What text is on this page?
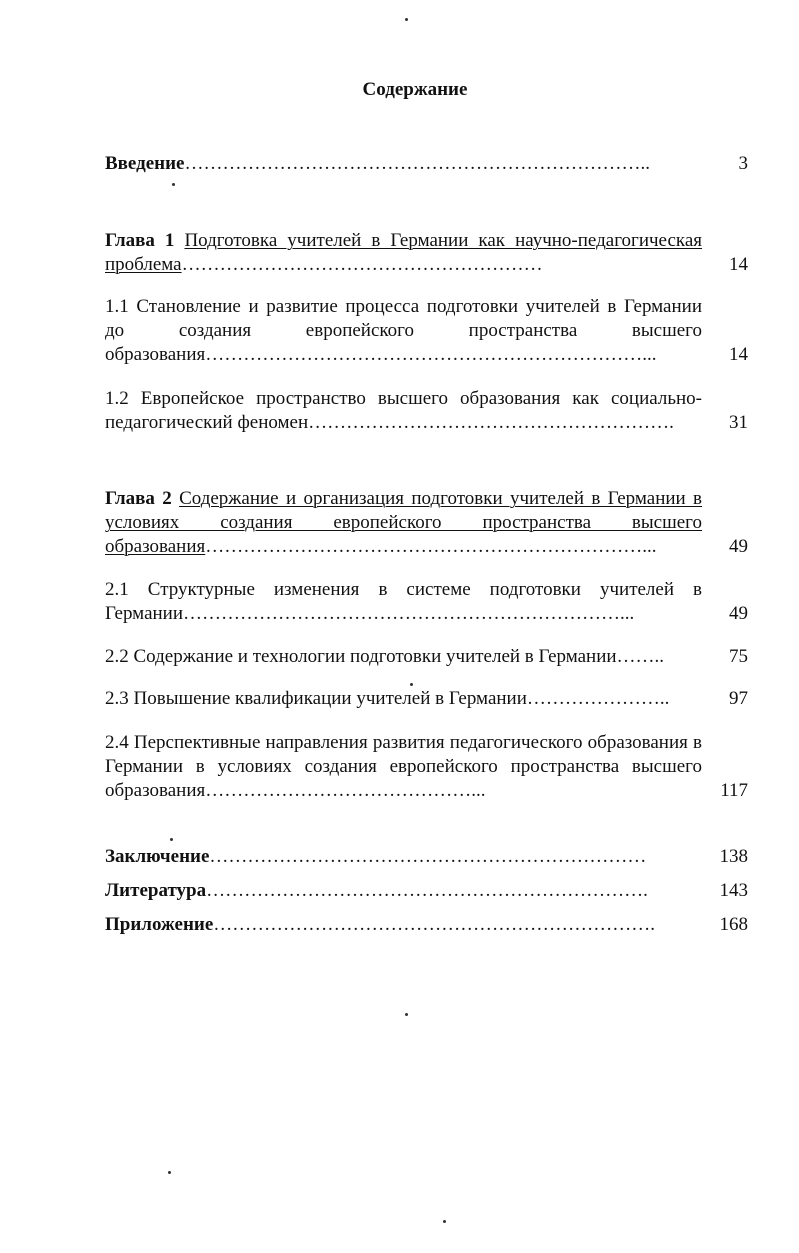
Содержание
Введение………………………………………………………………..	3
Глава 1 Подготовка учителей в Германии как научно-педагогическая проблема…………………………………………………	14
1.1 Становление и развитие процесса подготовки учителей в Германии до создания европейского пространства высшего образования……………………………………………………………...	14
1.2 Европейское пространство высшего образования как социально-педагогический феномен………………………………………………….	31
Глава 2 Содержание и организация подготовки учителей в Германии в условиях создания европейского пространства высшего образования……………………………………………………………...	49
2.1 Структурные изменения в системе подготовки учителей в Германии……………………………………………………………...	49
2.2 Содержание и технологии подготовки учителей в Германии……..	75
2.3 Повышение квалификации учителей в Германии…………………..	97
2.4 Перспективные направления развития педагогического образования в Германии в условиях создания европейского пространства высшего образования……………………………………...	117
Заключение……………………………………………………………	138
Литература…………………………………………………………….	143
Приложение…………………………………………………………….	168
